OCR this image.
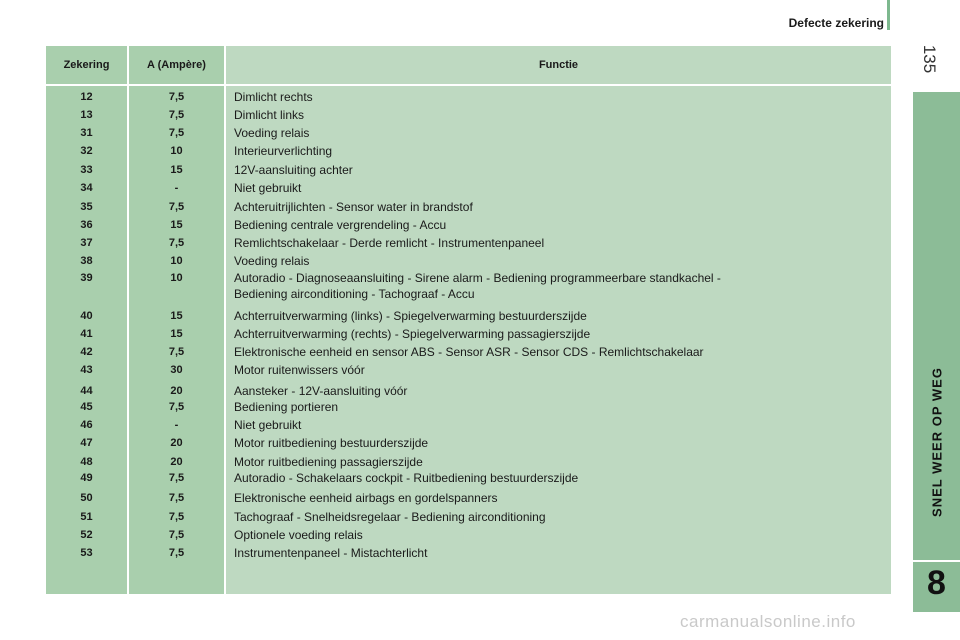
Defecte zekering
135
SNEL WEER OP WEG
8
Zekering	A (Ampère)	Functie
12	7,5	Dimlicht rechts
13	7,5	Dimlicht links
31	7,5	Voeding relais
32	10	Interieurverlichting
33	15	12V-aansluiting achter
34	-	Niet gebruikt
35	7,5	Achteruitrijlichten - Sensor water in brandstof
36	15	Bediening centrale vergrendeling - Accu
37	7,5	Remlichtschakelaar - Derde remlicht - Instrumentenpaneel
38	10	Voeding relais
39	10	Autoradio - Diagnoseaansluiting - Sirene alarm - Bediening programmeerbare standkachel -
Bediening airconditioning - Tachograaf - Accu
40	15	Achterruitverwarming (links) - Spiegelverwarming bestuurderszijde
41	15	Achterruitverwarming (rechts) - Spiegelverwarming passagierszijde
42	7,5	Elektronische eenheid en sensor ABS - Sensor ASR - Sensor CDS - Remlichtschakelaar
43	30	Motor ruitenwissers vóór
44	20	Aansteker - 12V-aansluiting vóór
45	7,5	Bediening portieren
46	-	Niet gebruikt
47	20	Motor ruitbediening bestuurderszijde
48	20	Motor ruitbediening passagierszijde
49	7,5	Autoradio - Schakelaars cockpit - Ruitbediening bestuurderszijde
50	7,5	Elektronische eenheid airbags en gordelspanners
51	7,5	Tachograaf - Snelheidsregelaar - Bediening airconditioning
52	7,5	Optionele voeding relais
53	7,5	Instrumentenpaneel - Mistachterlicht
carmanualsonline.info
